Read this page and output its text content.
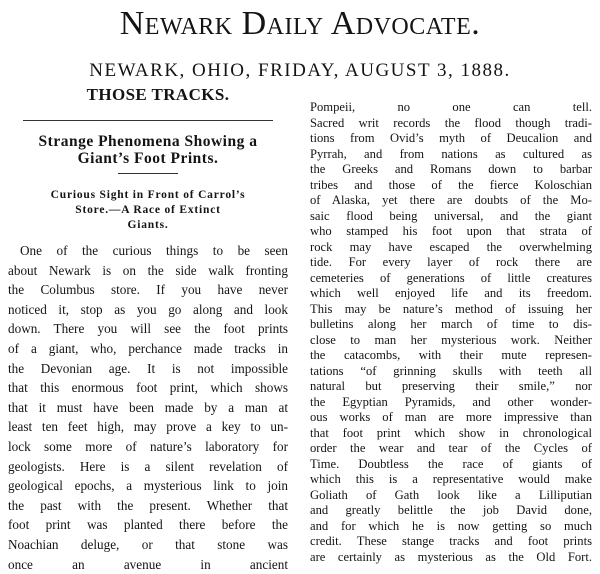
Newark Daily Advocate.
NEWARK, OHIO, FRIDAY, AUGUST 3, 1888.
THOSE TRACKS.
Strange Phenomena Showing a
Giant’s Foot Prints.
Curious Sight in Front of Carrol’s
Store.—A Race of Extinct
Giants.
One of the curious things to be seen
about Newark is on the side walk fronting
the Columbus store. If you have never
noticed it, stop as you go along and look
down. There you will see the foot prints
of a giant, who, perchance made tracks in
the Devonian age. It is not impossible
that this enormous foot print, which shows
that it must have been made by a man at
least ten feet high, may prove a key to un-
lock some more of nature’s laboratory for
geologists. Here is a silent revelation of
geological epochs, a mysterious link to join
the past with the present. Whether that
foot print was planted there before the
Noachian deluge, or that stone was
once an avenue in ancient
Pompeii, no one can tell.
Sacred writ records the flood though tradi-
tions from Ovid’s myth of Deucalion and
Pyrrah, and from nations as cultured as
the Greeks and Romans down to barbar
tribes and those of the fierce Koloschian
of Alaska, yet there are doubts of the Mo-
saic flood being universal, and the giant
who stamped his foot upon that strata of
rock may have escaped the overwhelming
tide. For every layer of rock there are
cemeteries of generations of little creatures
which well enjoyed life and its freedom.
This may be nature’s method of issuing her
bulletins along her march of time to dis-
close to man her mysterious work. Neither
the catacombs, with their mute represen-
tations “of grinning skulls with teeth all
natural but preserving their smile,” nor
the Egyptian Pyramids, and other wonder-
ous works of man are more impressive than
that foot print which show in chronological
order the wear and tear of the Cycles of
Time. Doubtless the race of giants of
which this is a representative would make
Goliath of Gath look like a Lilliputian
and greatly belittle the job David done,
and for which he is now getting so much
credit. These stange tracks and foot prints
are certainly as mysterious as the Old Fort.
